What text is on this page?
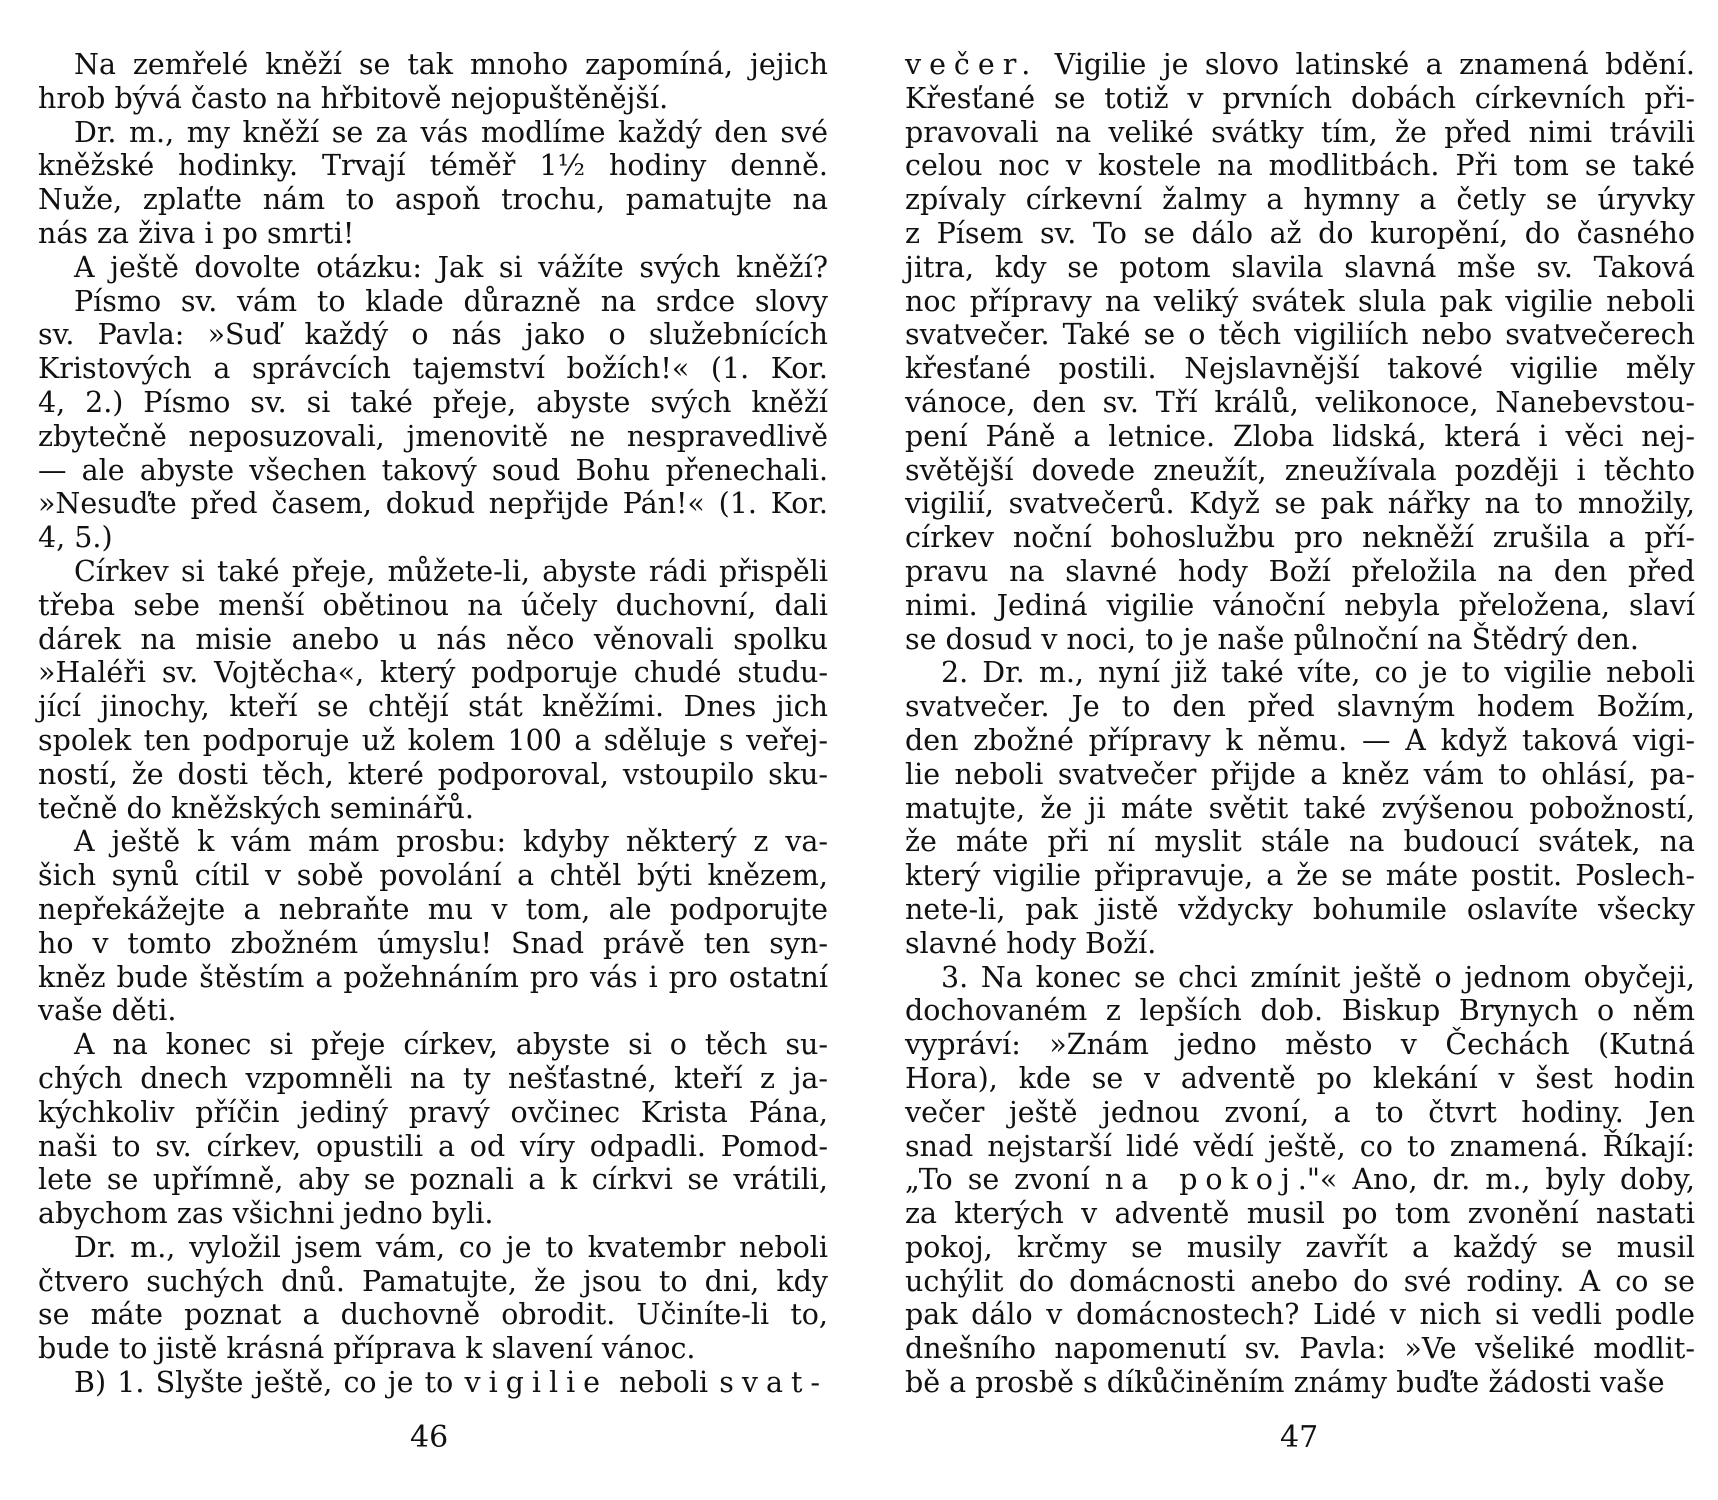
Na zemřelé kněží se tak mnoho zapomíná, jejich
hrob bývá často na hřbitově nejopuštěnější.
Dr. m., my kněží se za vás modlíme každý den své
kněžské hodinky. Trvají téměř 1½ hodiny denně.
Nuže, zplaťte nám to aspoň trochu, pamatujte na
nás za živa i po smrti!
A ještě dovolte otázku: Jak si vážíte svých kněží?
Písmo sv. vám to klade důrazně na srdce slovy
sv. Pavla: »Suď každý o nás jako o služebnících
Kristových a správcích tajemství božích!« (1. Kor.
4, 2.) Písmo sv. si také přeje, abyste svých kněží
zbytečně neposuzovali, jmenovitě ne nespravedlivě
— ale abyste všechen takový soud Bohu přenechali.
»Nesuďte před časem, dokud nepřijde Pán!« (1. Kor.
4, 5.)
Církev si také přeje, můžete-li, abyste rádi přispěli
třeba sebe menší obětinou na účely duchovní, dali
dárek na misie anebo u nás něco věnovali spolku
»Haléři sv. Vojtěcha«, který podporuje chudé studu-
jící jinochy, kteří se chtějí stát kněžími. Dnes jich
spolek ten podporuje už kolem 100 a sděluje s veřej-
ností, že dosti těch, které podporoval, vstoupilo sku-
tečně do kněžských seminářů.
A ještě k vám mám prosbu: kdyby některý z va-
šich synů cítil v sobě povolání a chtěl býti knězem,
nepřekážejte a nebraňte mu v tom, ale podporujte
ho v tomto zbožném úmyslu! Snad právě ten syn-
kněz bude štěstím a požehnáním pro vás i pro ostatní
vaše děti.
A na konec si přeje církev, abyste si o těch su-
chých dnech vzpomněli na ty nešťastné, kteří z ja-
kýchkoliv příčin jediný pravý ovčinec Krista Pána,
naši to sv. církev, opustili a od víry odpadli. Pomod-
lete se upřímně, aby se poznali a k církvi se vrátili,
abychom zas všichni jedno byli.
Dr. m., vyložil jsem vám, co je to kvatembr neboli
čtvero suchých dnů. Pamatujte, že jsou to dni, kdy
se máte poznat a duchovně obrodit. Učiníte-li to,
bude to jistě krásná příprava k slavení vánoc.
B) 1. Slyšte ještě, co je to vigilie neboli svat-
večer. Vigilie je slovo latinské a znamená bdění.
Křesťané se totiž v prvních dobách církevních při-
pravovali na veliké svátky tím, že před nimi trávili
celou noc v kostele na modlitbách. Při tom se také
zpívaly církevní žalmy a hymny a četly se úryvky
z Písem sv. To se dálo až do kuropění, do časného
jitra, kdy se potom slavila slavná mše sv. Taková
noc přípravy na veliký svátek slula pak vigilie neboli
svatvečer. Také se o těch vigiliích nebo svatvečerech
křesťané postili. Nejslavnější takové vigilie měly
vánoce, den sv. Tří králů, velikonoce, Nanebevstou-
pení Páně a letnice. Zloba lidská, která i věci nej-
světější dovede zneužít, zneužívala později i těchto
vigilií, svatvečerů. Když se pak nářky na to množily,
církev noční bohoslužbu pro nekněží zrušila a pří-
pravu na slavné hody Boží přeložila na den před
nimi. Jediná vigilie vánoční nebyla přeložena, slaví
se dosud v noci, to je naše půlnoční na Štědrý den.
2. Dr. m., nyní již také víte, co je to vigilie neboli
svatvečer. Je to den před slavným hodem Božím,
den zbožné přípravy k němu. — A když taková vigi-
lie neboli svatvečer přijde a kněz vám to ohlásí, pa-
matujte, že ji máte světit také zvýšenou pobožností,
že máte při ní myslit stále na budoucí svátek, na
který vigilie připravuje, a že se máte postit. Poslech-
nete-li, pak jistě vždycky bohumile oslavíte všecky
slavné hody Boží.
3. Na konec se chci zmínit ještě o jednom obyčeji,
dochovaném z lepších dob. Biskup Brynych o něm
vypráví: »Znám jedno město v Čechách (Kutná
Hora), kde se v adventě po klekání v šest hodin
večer ještě jednou zvoní, a to čtvrt hodiny. Jen
snad nejstarší lidé vědí ještě, co to znamená. Říkají:
„To se zvoní na pokoj."« Ano, dr. m., byly doby,
za kterých v adventě musil po tom zvonění nastati
pokoj, krčmy se musily zavřít a každý se musil
uchýlit do domácnosti anebo do své rodiny. A co se
pak dálo v domácnostech? Lidé v nich si vedli podle
dnešního napomenutí sv. Pavla: »Ve všeliké modlit-
bě a prosbě s díkůčiněním známy buďte žádosti vaše
46	47
